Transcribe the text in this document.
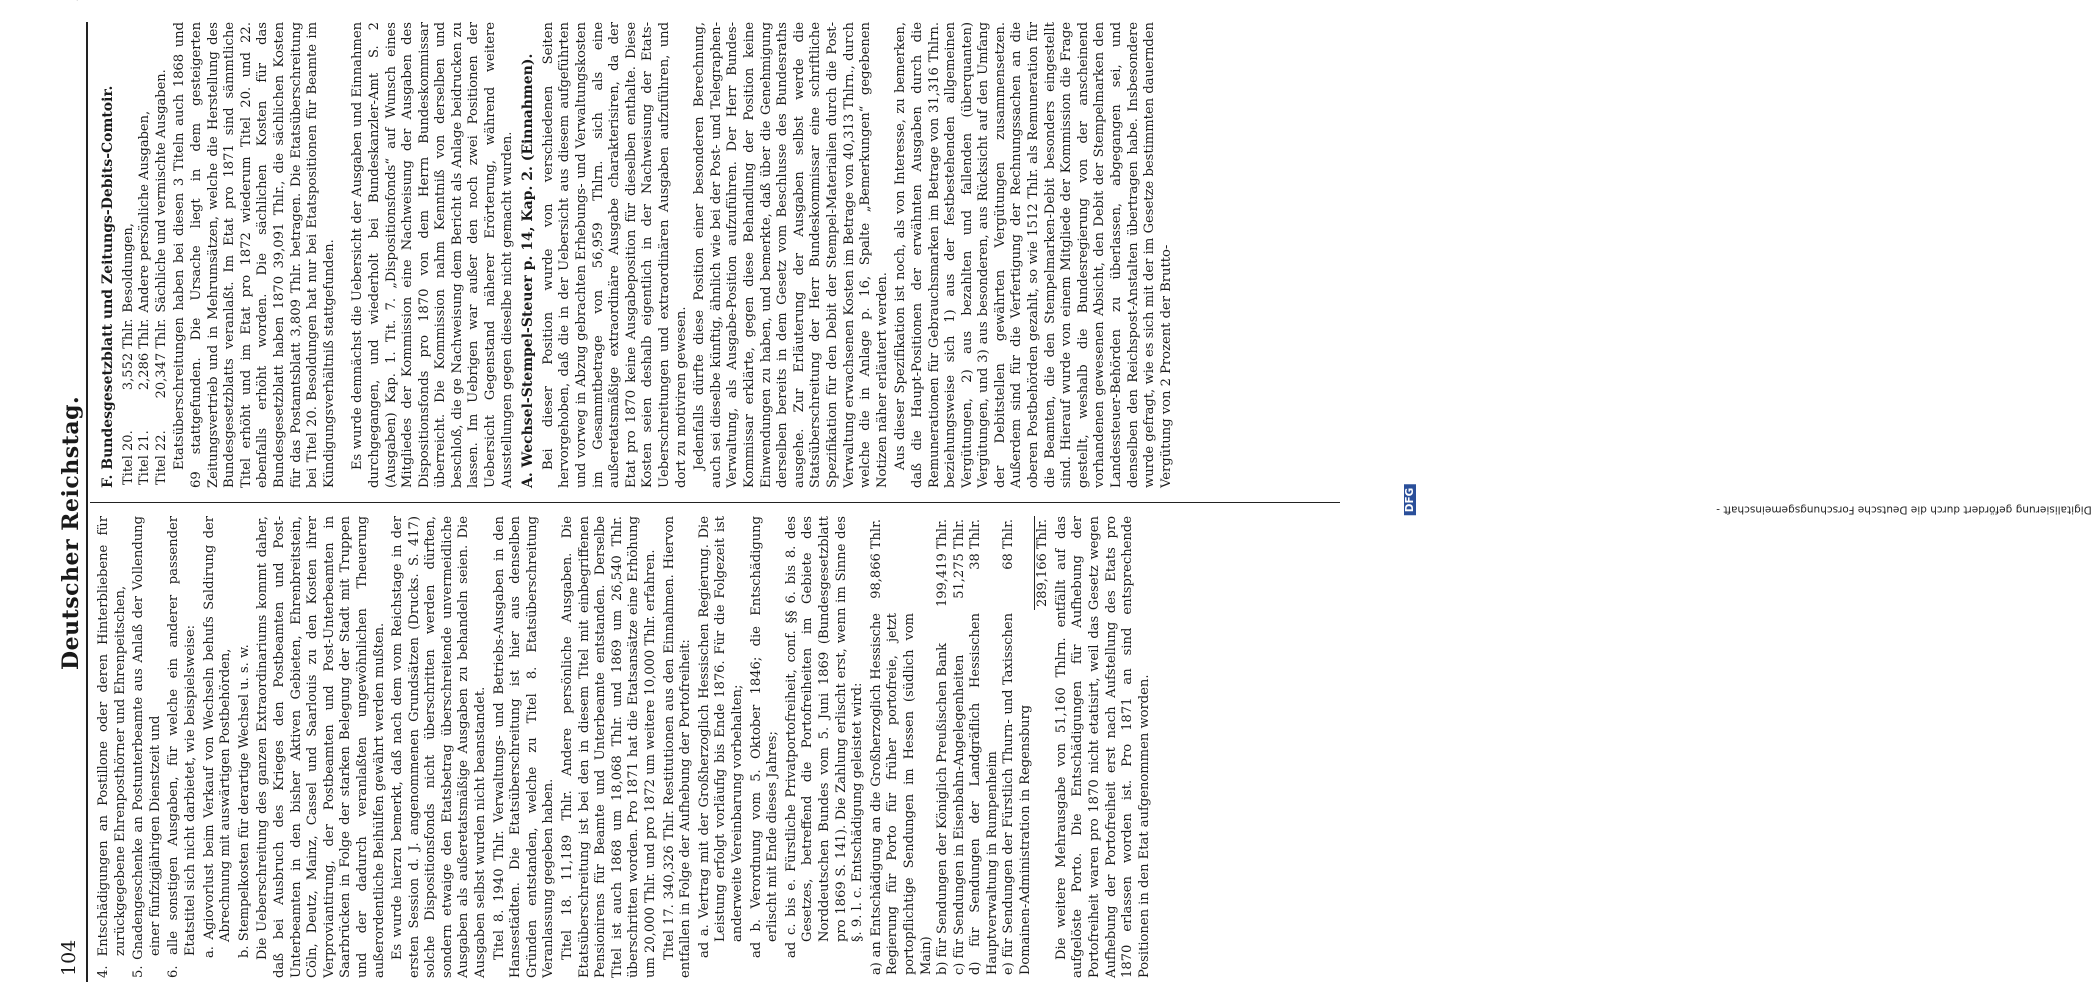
104
Deutscher Reichstag. 4. Entschädigungen an Postillone oder deren Hinterbliebene für zurückgegebene Ehrenposthörner und Ehrenpeitschen, 5. Gnadengeschenke an Postunterbeamte aus Anlaß der Vollendung einer fünfzigjährigen Dienstzeit und 6. alle sonstigen Ausgaben, für welche ein anderer passender Etatstitel sich nicht darbietet, wie beispielsweise: a. Agiovorlust beim Verkauf von Wechseln behufs Saldirung der Abrechnung mit auswärtigen Postbehörden, b. Stempelkosten für derartige Wechsel u. s. w. Die Ueberschreitung des ganzen Extraordinariums kommt daher, daß bei Ausbruch des Krieges den Postbeamten und Post-Unterbeamten in den bisher Aktiven Gebieten, Ehrenbreitstein, Cöln, Deutz, Mainz, Cassel und Saarlouis zu den Kosten ihrer Verproviantirung, der Postbeamten und Post-Unterbeamten in Saarbrücken in Folge der starken Belegung der Stadt mit Truppen und der dadurch veranlaßten ungewöhnlichen Theuerung außerordentliche Beihülfen gewährt werden mußten. Es wurde hierzu bemerkt, daß nach dem vom Reichstage in der ersten Session d. J. angenommenen Grundsätzen (Drucks. S. 417) solche Dispositionsfonds nicht überschritten werden dürften, sondern etwaige den Etatsbetrag überschreitende unvermeidliche Ausgaben als außeretatsmäßige Ausgaben zu behandeln seien. Die Ausgaben selbst wurden nicht beanstandet. Titel 8. 1940 Thlr. Verwaltungs- und Betriebs-Ausgaben in den Hansestädten. Die Etatsüberschreitung ist hier aus denselben Gründen entstanden, welche zu Titel 8. Etatsüberschreitung Veranlassung gegeben haben. Titel 18. 11,189 Thlr. Andere persönliche Ausgaben. Die Etatsüberschreitung ist bei den in diesem Titel mit einbegriffenen Pensionirens für Beamte und Unterbeamte entstanden. Derselbe Titel ist auch 1868 um 18,068 Thlr. und 1869 um 26,540 Thlr. überschritten worden. Pro 1871 hat die Etatsansätze eine Erhöhung um 20,000 Thlr. und pro 1872 um weitere 10,000 Thlr. erfahren. Titel 17. 340,326 Thlr. Restitutionen aus den Einnahmen. Hiervon entfallen in Folge der Aufhebung der Portofreiheit: ad a. Vertrag mit der Großherzoglich Hessischen Regierung. Die Leistung erfolgt vorläufig bis Ende 1876. Für die Folgezeit ist anderweite Vereinbarung vorbehalten; ad b. Verordnung vom 5. Oktober 1846; die Entschädigung erlischt mit Ende dieses Jahres; ad c. bis e. Fürstliche Privatportofreiheit, conf. §§ 6. bis 8. des Gesetzes, betreffend die Portofreiheiten im Gebiete des Norddeutschen Bundes vom 5. Juni 1869 (Bundesgesetzblatt pro 1869 S. 141). Die Zahlung erlischt erst, wenn im Sinne des §. 9. l. c. Entschädigung geleistet wird: a) an Entschädigung an die Großherzoglich Hessische Regierung für Porto für früher portofreie, jetzt portopflichtige Sendungen im Hessen (südlich vom Main)	98,866 Thlr.
b) für Sendungen der Königlich Preußischen Bank	199,419 Thlr.
c) für Sendungen in Eisenbahn-Angelegenheiten	51,275 Thlr.
d) für Sendungen der Landgräflich Hessischen Hauptverwaltung in Rumpenheim	38 Thlr.
e) für Sendungen der Fürstlich Thurn- und Taxisschen Domainen-Administration in Regensburg	68 Thlr.
	289,166 Thlr. Die weitere Mehrausgabe von 51,160 Thlrn. entfällt auf das aufgelöste Porto. Die Entschädigungen für Aufhebung der Portofreiheit waren pro 1870 nicht etatisirt, weil das Gesetz wegen Aufhebung der Portofreiheit erst nach Aufstellung des Etats pro 1870 erlassen worden ist. Pro 1871 an sind entsprechende Positionen in den Etat aufgenommen worden.

F. Bundesgesetzblatt und Zeitungs-Debits-Comtoir. Titel 20.	3,552 Thlr.	Besoldungen,
Titel 21.	2,286 Thlr.	Andere persönliche Ausgaben,
Titel 22.	20,347 Thlr.	Sächliche und vermischte Ausgaben. Etatsüberschreitungen haben bei diesen 3 Titeln auch 1868 und 69 stattgefunden. Die Ursache liegt in dem gesteigerten Zeitungsvertrieb und in Mehrumsätzen, welche die Herstellung des Bundesgesetzblatts veranlaßt. Im Etat pro 1871 sind sämmtliche Titel erhöht und im Etat pro 1872 wiederum Titel 20. und 22. ebenfalls erhöht worden. Die sächlichen Kosten für das Bundesgesetzblatt haben 1870 39,091 Thlr., die sächlichen Kosten für das Postamtsblatt 3,809 Thlr. betragen. Die Etatsüberschreitung bei Titel 20. Besoldungen hat nur bei Etatspositionen für Beamte im Kündigungsverhältniß stattgefunden. Es wurde demnächst die Uebersicht der Ausgaben und Einnahmen durchgegangen, und wiederholt bei Bundeskanzler-Amt S. 2 (Ausgaben) Kap. 1. Tit. 7. „Dispositionsfonds“ auf Wunsch eines Mitgliedes der Kommission eine Nachweisung der Ausgaben des Dispositionsfonds pro 1870 von dem Herrn Bundeskommissar überreicht. Die Kommission nahm Kenntniß von derselben und beschloß, die ge Nachweisung dem Bericht als Anlage beidrucken zu lassen. Im Uebrigen war außer den noch zwei Positionen der Uebersicht Gegenstand näherer Erörterung, während weitere Ausstellungen gegen dieselbe nicht gemacht wurden. A. Wechsel-Stempel-Steuer p. 14, Kap. 2. (Einnahmen). Bei dieser Position wurde von verschiedenen Seiten hervorgehoben, daß die in der Uebersicht aus diesem aufgeführten und vorweg in Abzug gebrachten Erhebungs- und Verwaltungskosten im Gesammtbetrage von 56,959 Thlrn. sich als eine außeretatsmäßige extraordinäre Ausgabe charakterisiren, da der Etat pro 1870 keine Ausgabeposition für dieselben enthalte. Diese Kosten seien deshalb eigentlich in der Nachweisung der Etats-Ueberschreitungen und extraordinären Ausgaben aufzuführen, und dort zu motiviren gewesen. Jedenfalls dürfte diese Position einer besonderen Berechnung, auch sei dieselbe künftig, ähnlich wie bei der Post- und Telegraphen-Verwaltung, als Ausgabe-Position aufzuführen. Der Herr Bundes-Kommissar erklärte, gegen diese Behandlung der Position keine Einwendungen zu haben, und bemerkte, daß über die Genehmigung derselben bereits in dem Gesetz vom Beschlusse des Bundesraths ausgehe. Zur Erläuterung der Ausgaben selbst werde die Statsüberschreitung der Herr Bundeskommissar eine schriftliche Spezifikation für den Debit der Stempel-Materialien durch die Post-Verwaltung erwachsenen Kosten im Betrage von 40,313 Thlrn., durch welche die in Anlage p. 16, Spalte „Bemerkungen“ gegebenen Notizen näher erläutert werden. Aus dieser Spezifikation ist noch, als von Interesse, zu bemerken, daß die Haupt-Positionen der erwähnten Ausgaben durch die Remunerationen für Gebrauchsmarken im Betrage von 31,316 Thlrn. beziehungsweise sich 1) aus der festbestehenden allgemeinen Vergütungen, 2) aus bezahlten und fallenden (überquanten) Vergütungen, und 3) aus besonderen, aus Rücksicht auf den Umfang der Debitstellen gewährten Vergütungen zusammensetzen. Außerdem sind für die Verfertigung der Rechnungssachen an die oberen Postbehörden gezahlt, so wie 1512 Thlr. als Remuneration für die Beamten, die den Stempelmarken-Debit besonders eingestellt sind. Hierauf wurde von einem Mitgliede der Kommission die Frage gestellt, weshalb die Bundesregierung von der anscheinend vorhandenen gewesenen Absicht, den Debit der Stempelmarken den Landessteuer-Behörden zu überlassen, abgegangen sei, und denselben den Reichspost-Anstalten übertragen habe. Insbesondere wurde gefragt, wie es sich mit der im Gesetze bestimmten dauernden Vergütung von 2 Prozent der Brutto-

Digitalisierung gefördert durch die Deutsche Forschungsgemeinschaft -
DFG
